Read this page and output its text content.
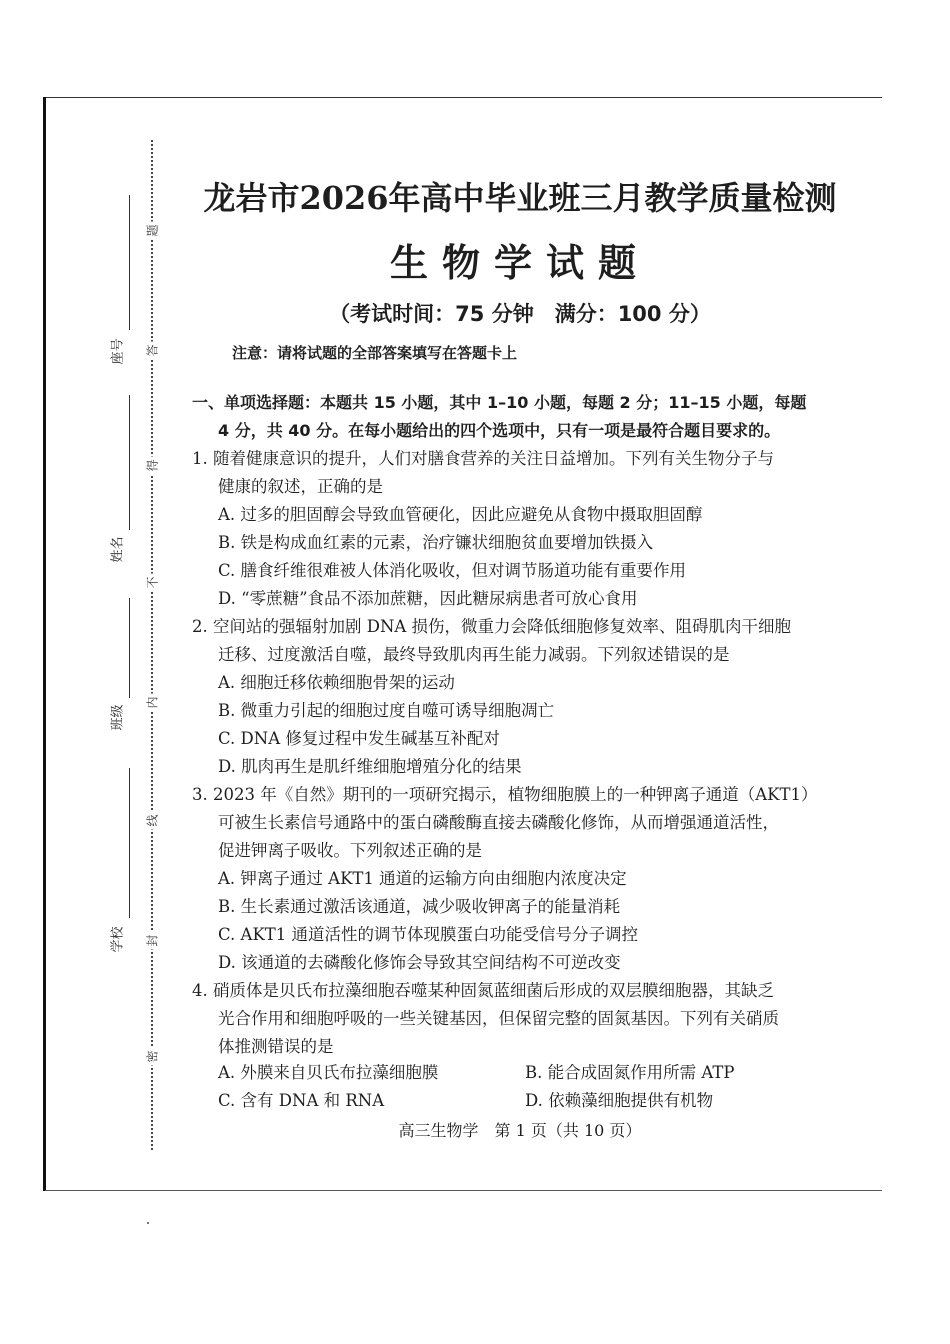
题
答
得
不
内
线
封
密
座号
姓名
班级
学校
龙岩市2026年高中毕业班三月教学质量检测
生物学试题
（考试时间：75 分钟　满分：100 分）
注意：请将试题的全部答案填写在答题卡上
一、单项选择题：本题共 15 小题，其中 1–10 小题，每题 2 分；11–15 小题，每题
4 分，共 40 分。在每小题给出的四个选项中，只有一项是最符合题目要求的。
1. 随着健康意识的提升，人们对膳食营养的关注日益增加。下列有关生物分子与
健康的叙述，正确的是
A. 过多的胆固醇会导致血管硬化，因此应避免从食物中摄取胆固醇
B. 铁是构成血红素的元素，治疗镰状细胞贫血要增加铁摄入
C. 膳食纤维很难被人体消化吸收，但对调节肠道功能有重要作用
D. “零蔗糖”食品不添加蔗糖，因此糖尿病患者可放心食用
2. 空间站的强辐射加剧 DNA 损伤，微重力会降低细胞修复效率、阻碍肌肉干细胞
迁移、过度激活自噬，最终导致肌肉再生能力减弱。下列叙述错误的是
A. 细胞迁移依赖细胞骨架的运动
B. 微重力引起的细胞过度自噬可诱导细胞凋亡
C. DNA 修复过程中发生碱基互补配对
D. 肌肉再生是肌纤维细胞增殖分化的结果
3. 2023 年《自然》期刊的一项研究揭示，植物细胞膜上的一种钾离子通道（AKT1）
可被生长素信号通路中的蛋白磷酸酶直接去磷酸化修饰，从而增强通道活性，
促进钾离子吸收。下列叙述正确的是
A. 钾离子通过 AKT1 通道的运输方向由细胞内浓度决定
B. 生长素通过激活该通道，减少吸收钾离子的能量消耗
C. AKT1 通道活性的调节体现膜蛋白功能受信号分子调控
D. 该通道的去磷酸化修饰会导致其空间结构不可逆改变
4. 硝质体是贝氏布拉藻细胞吞噬某种固氮蓝细菌后形成的双层膜细胞器，其缺乏
光合作用和细胞呼吸的一些关键基因，但保留完整的固氮基因。下列有关硝质
体推测错误的是
A. 外膜来自贝氏布拉藻细胞膜	B. 能合成固氮作用所需 ATP
C. 含有 DNA 和 RNA	D. 依赖藻细胞提供有机物
高三生物学　第 1 页（共 10 页）
